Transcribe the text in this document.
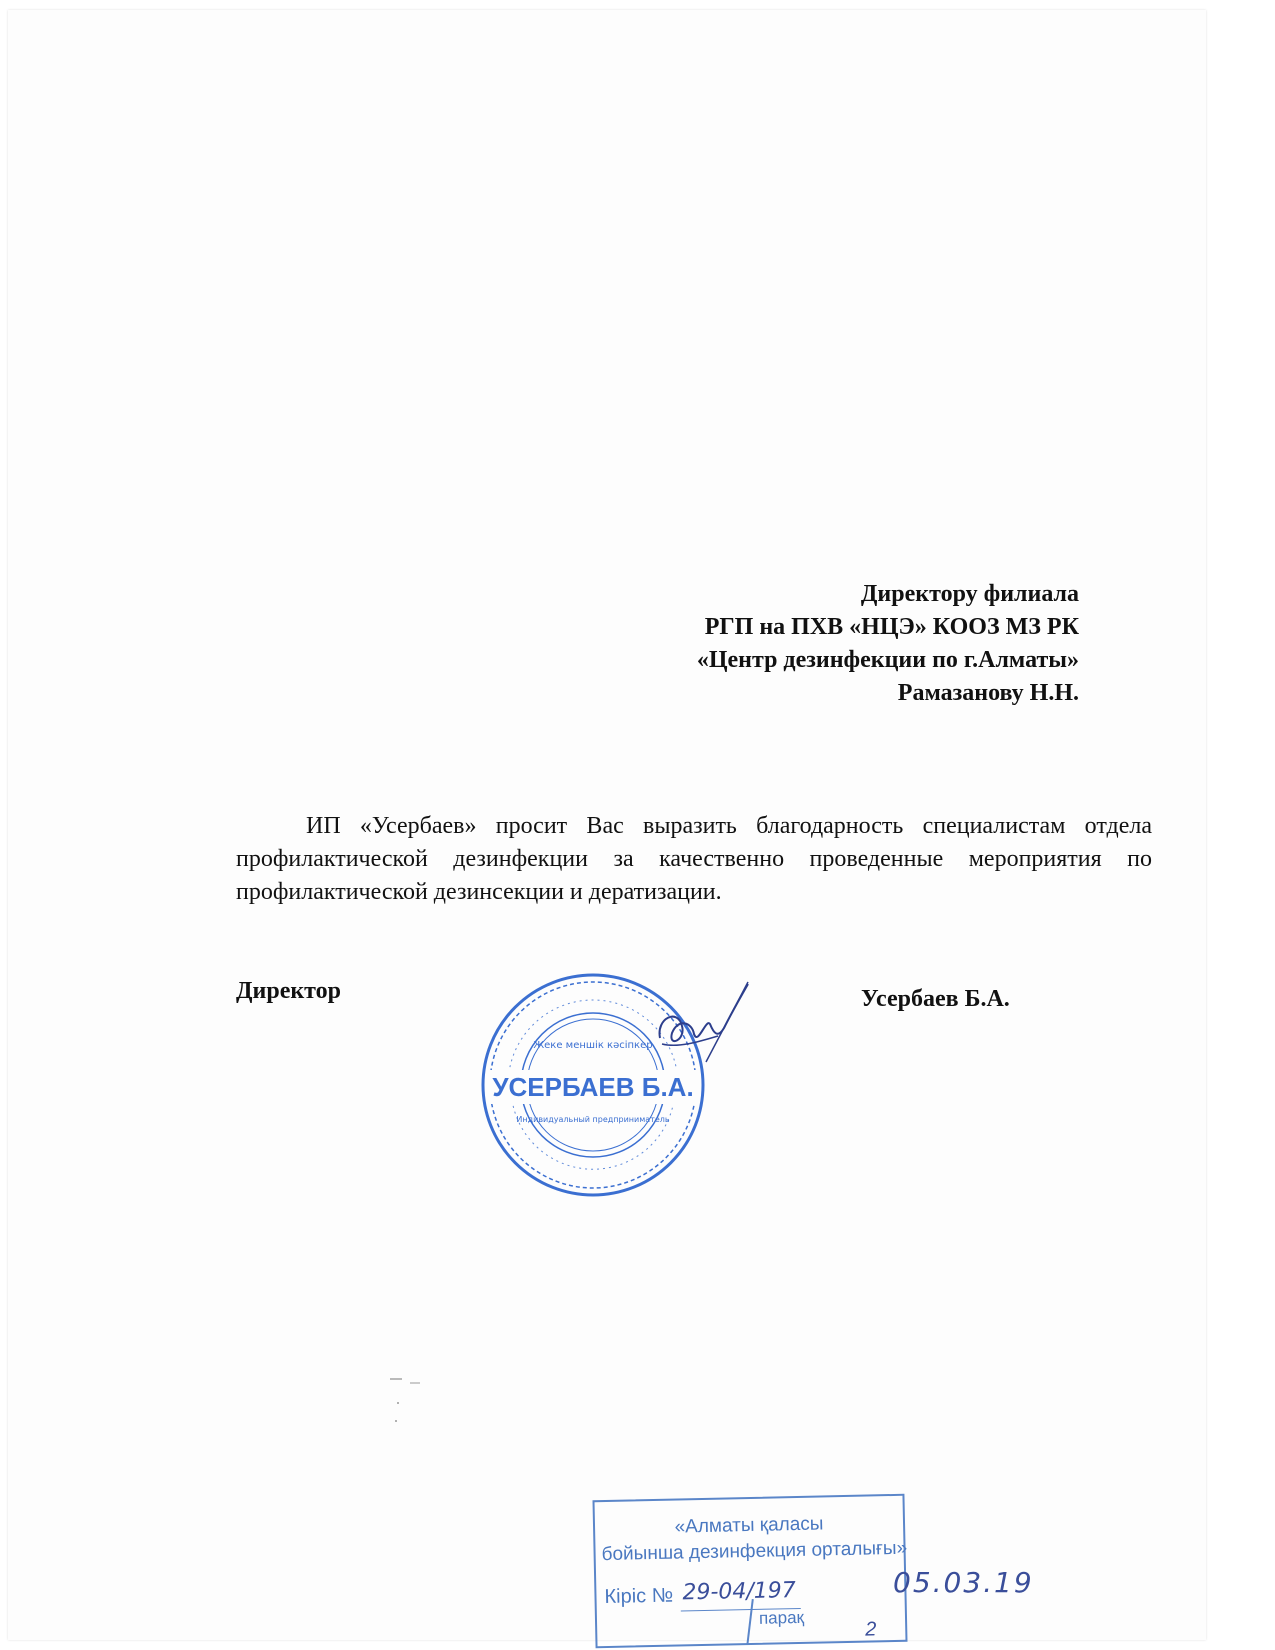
Директору филиала
РГП на ПХВ «НЦЭ» КООЗ МЗ РК
«Центр дезинфекции по г.Алматы»
Рамазанову Н.Н.
ИП «Усербаев» просит Вас выразить благодарность специалистам отдела профилактической дезинфекции за качественно проведенные мероприятия по профилактической дезинсекции и дератизации.
Директор	Усербаев Б.А.
Жеке меншік кәсіпкер
УСЕРБАЕВ Б.А.
Индивидуальный предприниматель
«Алматы қаласы
бойынша дезинфекция орталығы»
Кіріс № 29-04/197
парақ
2
05.03.19
